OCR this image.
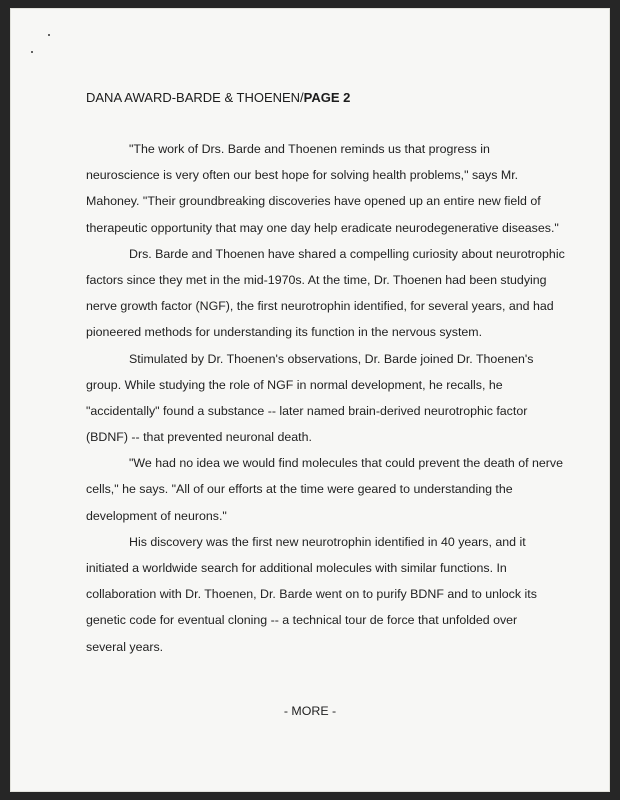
DANA AWARD-BARDE & THOENEN/PAGE 2
"The work of Drs. Barde and Thoenen reminds us that progress in
neuroscience is very often our best hope for solving health problems," says Mr.
Mahoney. "Their groundbreaking discoveries have opened up an entire new field of
therapeutic opportunity that may one day help eradicate neurodegenerative diseases."
Drs. Barde and Thoenen have shared a compelling curiosity about neurotrophic
factors since they met in the mid-1970s. At the time, Dr. Thoenen had been studying
nerve growth factor (NGF), the first neurotrophin identified, for several years, and had
pioneered methods for understanding its function in the nervous system.
Stimulated by Dr. Thoenen's observations, Dr. Barde joined Dr. Thoenen's
group. While studying the role of NGF in normal development, he recalls, he
"accidentally" found a substance -- later named brain-derived neurotrophic factor
(BDNF) -- that prevented neuronal death.
"We had no idea we would find molecules that could prevent the death of nerve
cells," he says. "All of our efforts at the time were geared to understanding the
development of neurons."
His discovery was the first new neurotrophin identified in 40 years, and it
initiated a worldwide search for additional molecules with similar functions. In
collaboration with Dr. Thoenen, Dr. Barde went on to purify BDNF and to unlock its
genetic code for eventual cloning -- a technical tour de force that unfolded over
several years.
- MORE -
